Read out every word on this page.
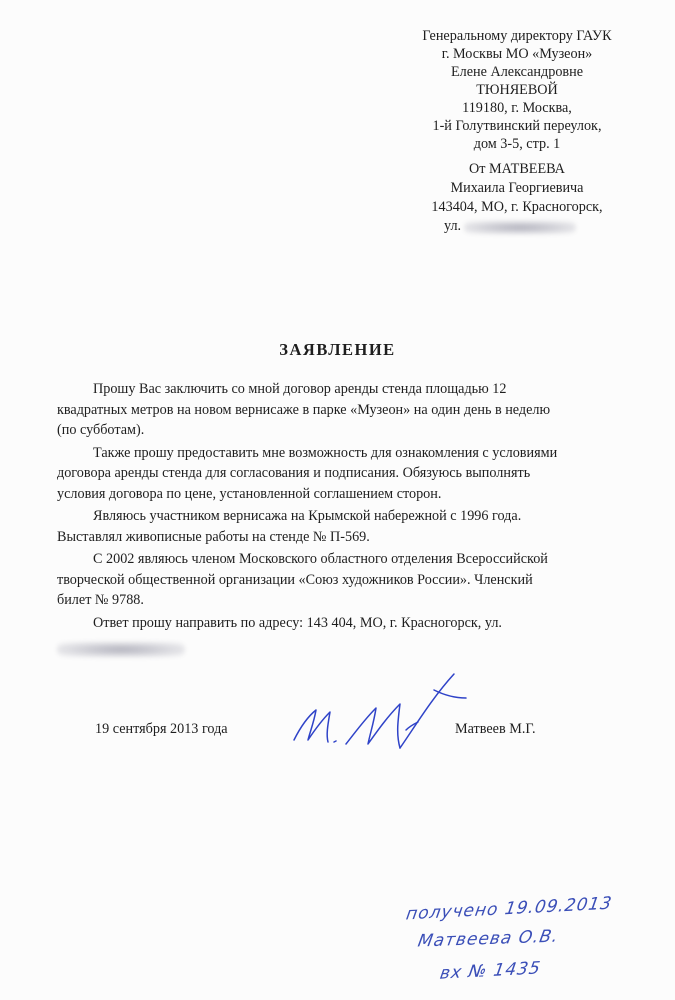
Генеральному директору ГАУК
г. Москвы МО «Музеон»
Елене Александровне
ТЮНЯЕВОЙ
119180, г. Москва,
1-й Голутвинский переулок,
дом 3-5, стр. 1
От МАТВЕЕВА
Михаила Георгиевича
143404, МО, г. Красногорск,
ул.
ЗАЯВЛЕНИЕ
Прошу Вас заключить со мной договор аренды стенда площадью 12
квадратных метров на новом вернисаже в парке «Музеон» на один день в неделю
(по субботам).
Также прошу предоставить мне возможность для ознакомления с условиями
договора аренды стенда для согласования и подписания. Обязуюсь выполнять
условия договора по цене, установленной соглашением сторон.
Являюсь участником вернисажа на Крымской набережной с 1996 года.
Выставлял живописные работы на стенде № П-569.
С 2002 являюсь членом Московского областного отделения Всероссийской
творческой общественной организации «Союз художников России». Членский
билет № 9788.
Ответ прошу направить по адресу: 143 404, МО, г. Красногорск, ул.
19 сентября 2013 года	Матвеев М.Г.
получено 19.09.2013
Матвеева О.В.
вх № 1435
